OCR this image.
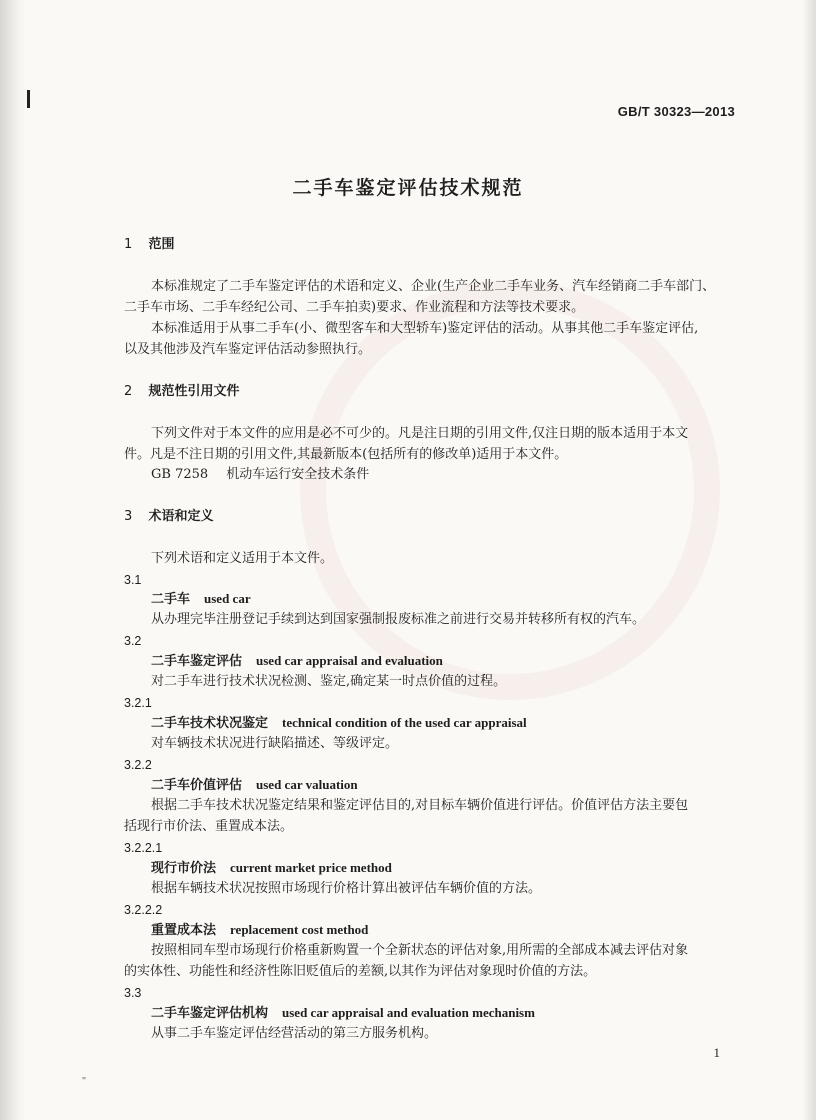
GB/T 30323—2013
二手车鉴定评估技术规范
1 范围
本标准规定了二手车鉴定评估的术语和定义、企业(生产企业二手车业务、汽车经销商二手车部门、
二手车市场、二手车经纪公司、二手车拍卖)要求、作业流程和方法等技术要求。
本标准适用于从事二手车(小、微型客车和大型轿车)鉴定评估的活动。从事其他二手车鉴定评估,
以及其他涉及汽车鉴定评估活动参照执行。
2 规范性引用文件
下列文件对于本文件的应用是必不可少的。凡是注日期的引用文件,仅注日期的版本适用于本文
件。凡是不注日期的引用文件,其最新版本(包括所有的修改单)适用于本文件。
GB 7258 机动车运行安全技术条件
3 术语和定义
下列术语和定义适用于本文件。
3.1
二手车 used car
从办理完毕注册登记手续到达到国家强制报废标准之前进行交易并转移所有权的汽车。
3.2
二手车鉴定评估 used car appraisal and evaluation
对二手车进行技术状况检测、鉴定,确定某一时点价值的过程。
3.2.1
二手车技术状况鉴定 technical condition of the used car appraisal
对车辆技术状况进行缺陷描述、等级评定。
3.2.2
二手车价值评估 used car valuation
根据二手车技术状况鉴定结果和鉴定评估目的,对目标车辆价值进行评估。价值评估方法主要包
括现行市价法、重置成本法。
3.2.2.1
现行市价法 current market price method
根据车辆技术状况按照市场现行价格计算出被评估车辆价值的方法。
3.2.2.2
重置成本法 replacement cost method
按照相同车型市场现行价格重新购置一个全新状态的评估对象,用所需的全部成本减去评估对象
的实体性、功能性和经济性陈旧贬值后的差额,以其作为评估对象现时价值的方法。
3.3
二手车鉴定评估机构 used car appraisal and evaluation mechanism
从事二手车鉴定评估经营活动的第三方服务机构。
1
"
